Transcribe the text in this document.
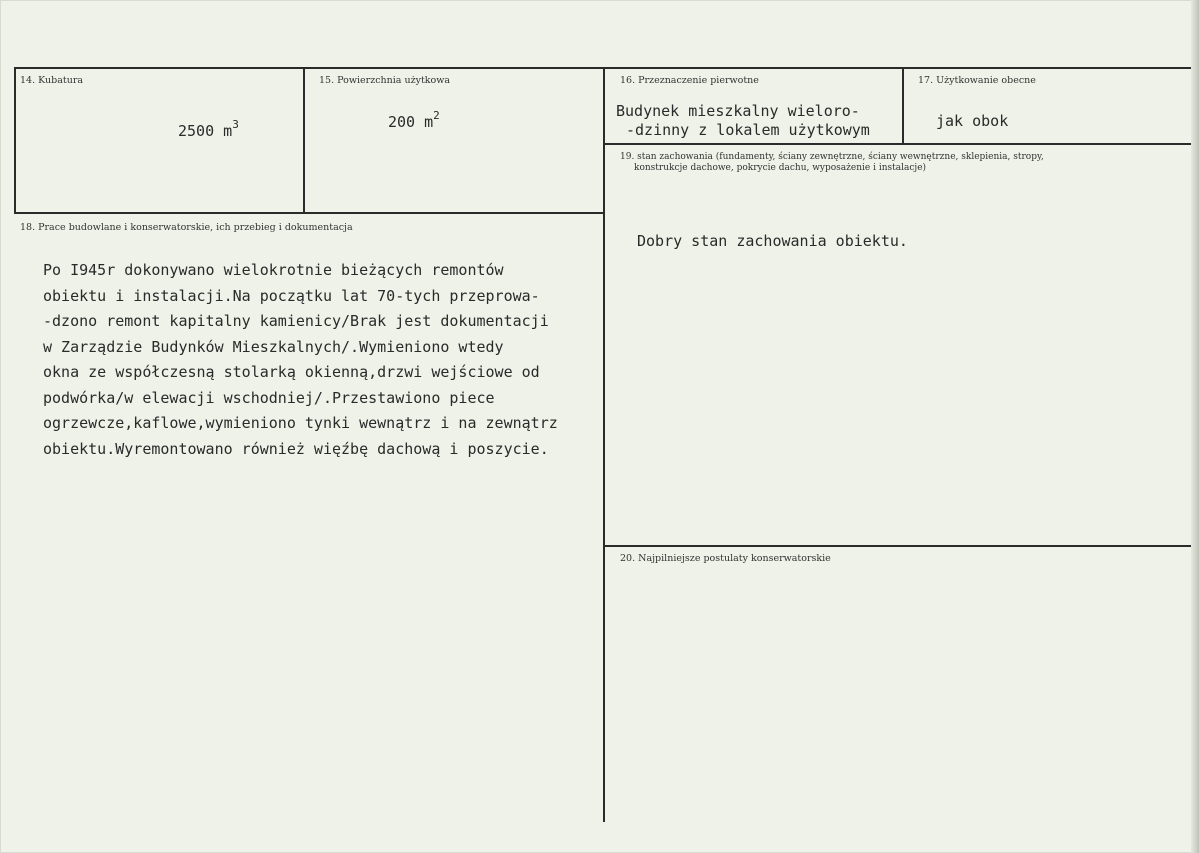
14. Kubatura
2500 $m^3$
15. Powierzchnia użytkowa
200 $m^2$
16. Przeznaczenie pierwotne
Budynek mieszkalny wieloro-
-dzinny z lokalem użytkowym
17. Użytkowanie obecne
jak obok
18. Prace budowlane i konserwatorskie, ich przebieg i dokumentacja
Po I945r dokonywano wielokrotnie bieżących remontów
obiektu i instalacji.Na początku lat 70-tych przeprowa-
-dzono remont kapitalny kamienicy/Brak jest dokumentacji
w Zarządzie Budynków Mieszkalnych/.Wymieniono wtedy
okna ze współczesną stolarką okienną,drzwi wejściowe od
podwórka/w elewacji wschodniej/.Przestawiono piece
ogrzewcze,kaflowe,wymieniono tynki wewnątrz i na zewnątrz
obiektu.Wyremontowano również więźbę dachową i poszycie.
19. stan zachowania (fundamenty, ściany zewnętrzne, ściany wewnętrzne, sklepienia, stropy,
konstrukcje dachowe, pokrycie dachu, wyposażenie i instalacje)
Dobry stan zachowania obiektu.
20. Najpilniejsze postulaty konserwatorskie
